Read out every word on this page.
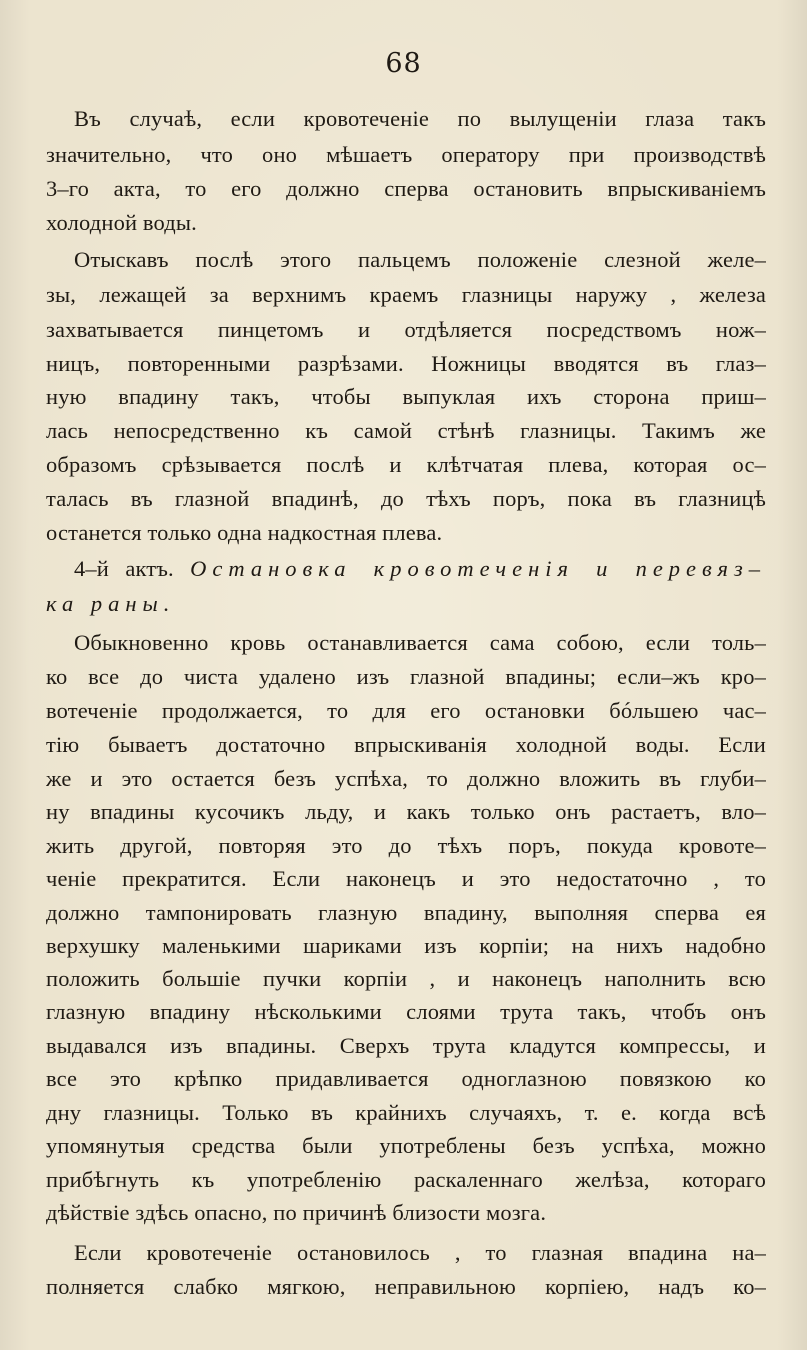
68
Въ случаѣ, если кровотеченіе по вылущеніи глаза такъ
значительно, что оно мѣшаетъ оператору при производствѣ
3–го акта, то его должно сперва остановить впрыскиваніемъ
холодной воды.
Отыскавъ послѣ этого пальцемъ положеніе слезной желе–
зы, лежащей за верхнимъ краемъ глазницы наружу , железа
захватывается пинцетомъ и отдѣляется посредствомъ нож–
ницъ, повторенными разрѣзами. Ножницы вводятся въ глаз–
ную впадину такъ, чтобы выпуклая ихъ сторона приш–
лась непосредственно къ самой стѣнѣ глазницы. Такимъ же
образомъ срѣзывается послѣ и клѣтчатая плева, которая ос–
талась въ глазной впадинѣ, до тѣхъ поръ, пока въ глазницѣ
останется только одна надкостная плева.
4–й актъ. Остановка кровотеченія и перевяз–
ка раны.
Обыкновенно кровь останавливается сама собою, если толь–
ко все до чиста удалено изъ глазной впадины; если–жъ кро–
вотеченіе продолжается, то для его остановки бóльшею час–
тію бываетъ достаточно впрыскиванія холодной воды. Если
же и это остается безъ успѣха, то должно вложить въ глуби–
ну впадины кусочикъ льду, и какъ только онъ растаетъ, вло–
жить другой, повторяя это до тѣхъ поръ, покуда кровоте–
ченіе прекратится. Если наконецъ и это недостаточно , то
должно тампонировать глазную впадину, выполняя сперва ея
верхушку маленькими шариками изъ корпіи; на нихъ надобно
положить большіе пучки корпіи , и наконецъ наполнить всю
глазную впадину нѣсколькими слоями трута такъ, чтобъ онъ
выдавался изъ впадины. Сверхъ трута кладутся компрессы, и
все это крѣпко придавливается одноглазною повязкою ко
дну глазницы. Только въ крайнихъ случаяхъ, т. е. когда всѣ
упомянутыя средства были употреблены безъ успѣха, можно
прибѣгнуть къ употребленію раскаленнаго желѣза, котораго
дѣйствіе здѣсь опасно, по причинѣ близости мозга.
Если кровотеченіе остановилось , то глазная впадина на–
полняется слабко мягкою, неправильною корпіею, надъ ко–
